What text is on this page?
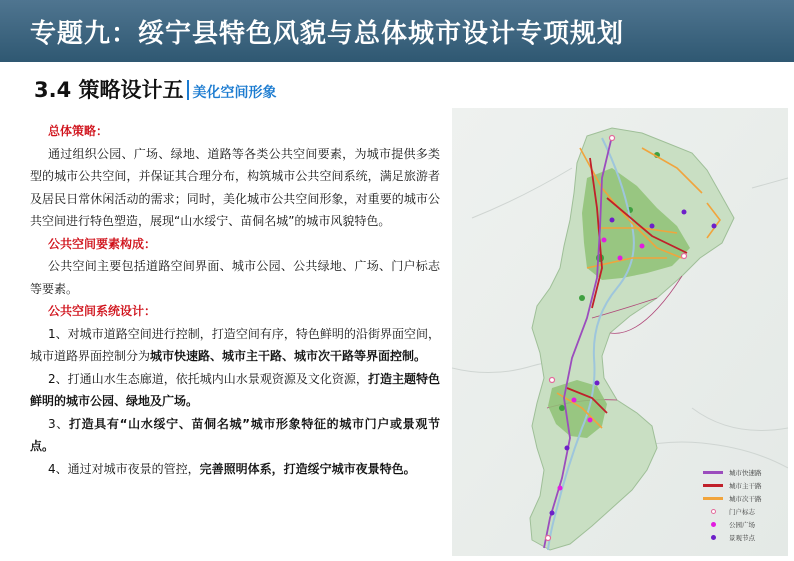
专题九：绥宁县特色风貌与总体城市设计专项规划
3.4 策略设计五 美化空间形象

总体策略：

通过组织公园、广场、绿地、道路等各类公共空间要素，为城市提供多类型的城市公共空间，并保证其合理分布，构筑城市公共空间系统，满足旅游者及居民日常休闲活动的需求；同时，美化城市公共空间形象，对重要的城市公共空间进行特色塑造，展现“山水绥宁、苗侗名城”的城市风貌特色。

公共空间要素构成：

公共空间主要包括道路空间界面、城市公园、公共绿地、广场、门户标志等要素。

公共空间系统设计：

1、对城市道路空间进行控制，打造空间有序，特色鲜明的沿街界面空间，城市道路界面控制分为城市快速路、城市主干路、城市次干路等界面控制。

2、打通山水生态廊道，依托城内山水景观资源及文化资源，打造主题特色鲜明的城市公园、绿地及广场。

3、打造具有“山水绥宁、苗侗名城”城市形象特征的城市门户或景观节点。

4、通过对城市夜景的管控，完善照明体系，打造绥宁城市夜景特色。	城市快速路
城市主干路
城市次干路
门户标志
公园广场
景观节点
